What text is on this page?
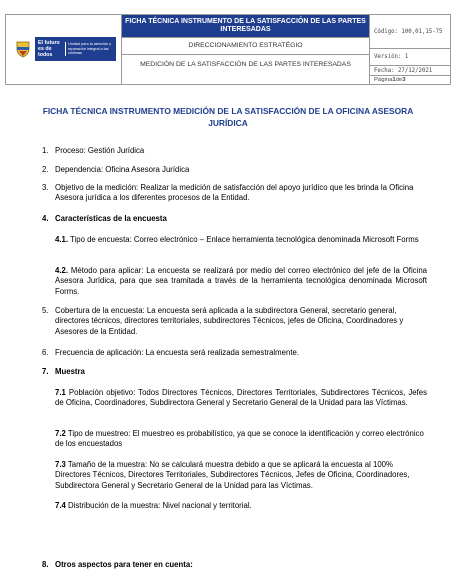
El futuro es de todos
Unidad para la atención y reparación integral a las víctimas
FICHA TÉCNICA INSTRUMENTO DE LA SATISFACCIÓN DE LAS PARTES INTERESADAS
DIRECCIONAMIENTO ESTRATÉGIO
MEDICIÓN DE LA SATISFACCIÓN DE LAS PARTES INTERESADAS
Código: 100,01,15-75
Versión: 1
Fecha: 27/12/2021
Página 1 de 3
FICHA TÉCNICA INSTRUMENTO MEDICIÓN DE LA SATISFACCIÓN DE LA OFICINA ASESORA JURÍDICA
1. Proceso: Gestión Jurídica
2. Dependencia: Oficina Asesora Jurídica
3. Objetivo de la medición: Realizar la medición de satisfacción del apoyo jurídico que les brinda la Oficina Asesora jurídica a los diferentes procesos de la Entidad.
4. Características de la encuesta
4.1. Tipo de encuesta: Correo electrónico – Enlace herramienta tecnológica denominada Microsoft Forms
4.2. Método para aplicar: La encuesta se realizará por medio del correo electrónico del jefe de la Oficina Asesora Jurídica, para que sea tramitada a través de la herramienta tecnológica denominada Microsoft Forms.
5. Cobertura de la encuesta: La encuesta será aplicada a la subdirectora General, secretario general, directores técnicos, directores territoriales, subdirectores Técnicos, jefes de Oficina, Coordinadores y Asesores de la Entidad.
6. Frecuencia de aplicación: La encuesta será realizada semestralmente.
7. Muestra
7.1 Población objetivo: Todos Directores Técnicos, Directores Territoriales, Subdirectores Técnicos, Jefes de Oficina, Coordinadores, Subdirectora General y Secretario General de la Unidad para las Víctimas.
7.2 Tipo de muestreo: El muestreo es probabilístico, ya que se conoce la identificación y correo electrónico de los encuestados
7.3 Tamaño de la muestra: No se calculará muestra debido a que se aplicará la encuesta al 100% Directores Técnicos, Directores Territoriales, Subdirectores Técnicos, Jefes de Oficina, Coordinadores, Subdirectora General y Secretario General de la Unidad para las Víctimas.
7.4 Distribución de la muestra: Nivel nacional y territorial.
8. Otros aspectos para tener en cuenta:
